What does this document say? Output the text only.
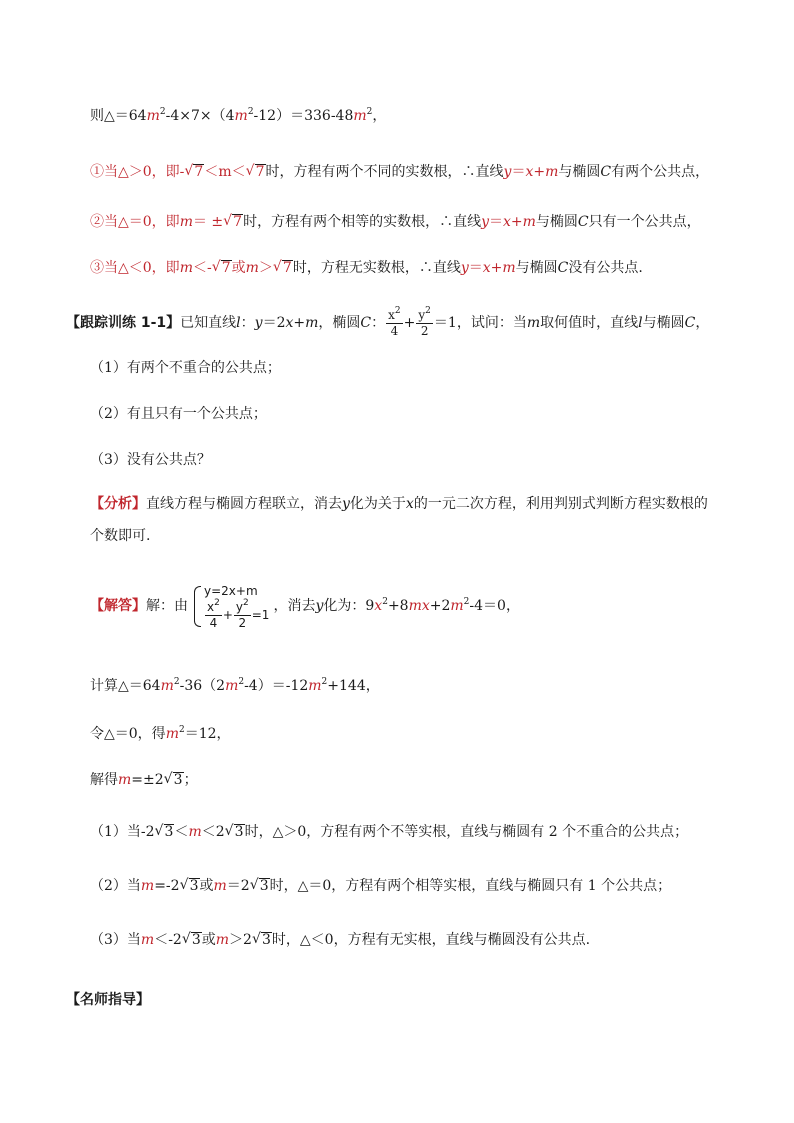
则$\triangle=64m^2-4\times 7\times(4m^2-12)=336-48m^2$，
①当△＞0，即- √ 7＜m＜ √ 7时，方程有两个不同的实数根，∴直线y＝x+m与椭圆C有两个公共点，
②当△＝0，即m＝ ± √ 7时，方程有两个相等的实数根，∴直线y＝x+m与椭圆C只有一个公共点，
③当△＜0，即m＜- √ 7或m＞ √ 7时，方程无实数根，∴直线y＝x+m与椭圆C没有公共点.
【跟踪训练 1-1】已知直线l：y＝2x+m，椭圆C： $\frac{x^2}{4} + \frac{y^2}{2} =1$，试问：当m取何值时，直线l与椭圆C，
（1）有两个不重合的公共点；
（2）有且只有一个公共点；
（3）没有公共点？
【分析】直线方程与椭圆方程联立，消去y化为关于x的一元二次方程，利用判别式判断方程实数根的
个数即可.
【解答】解：由
y=2x+m
$\frac{x^2}{4} + \frac{y^2}{2} =1$
，消去y化为：$9x^2+8mx+2m^2-4=0$，
计算$\triangle=64m^2-36(2m^2-4)=-12m^2+144$，
令△＝0，得$m^2=12$，
解得m=±2 √ 3；
（1）当-2 √ 3＜m＜2 √ 3时，△＞0，方程有两个不等实根，直线与椭圆有 2 个不重合的公共点；
（2）当m=-2 √ 3或m＝2 √ 3时，△＝0，方程有两个相等实根，直线与椭圆只有 1 个公共点；
（3）当m＜-2 √ 3或m＞2 √ 3时，△＜0，方程有无实根，直线与椭圆没有公共点.
【名师指导】
